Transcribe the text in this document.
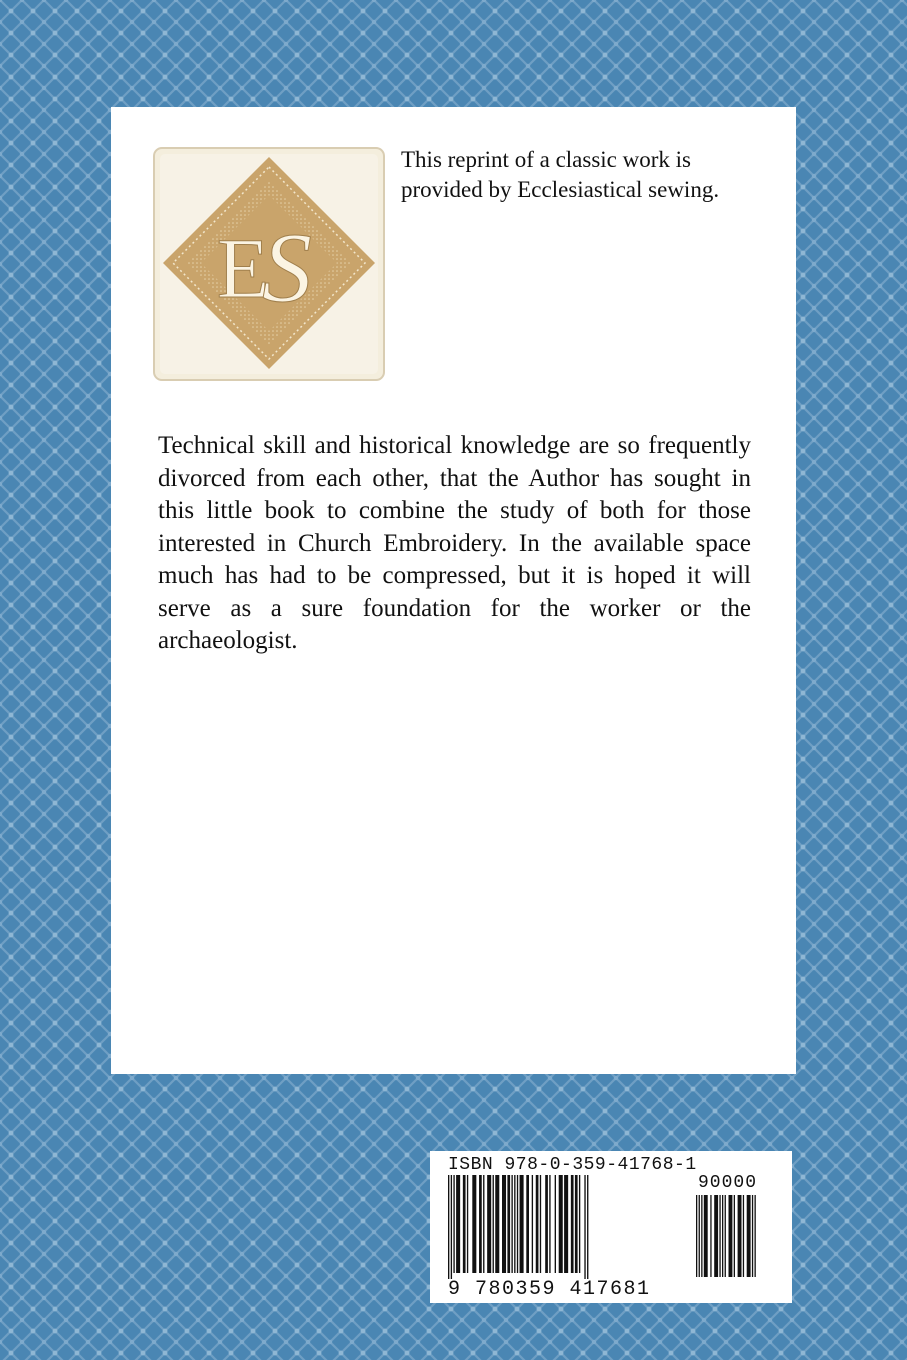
E
S
This reprint of a classic work is provided by Ecclesiastical sewing.
Technical skill and historical knowledge are so frequently divorced from each other, that the Author has sought in this little book to combine the study of both for those interested in Church Embroidery. In the available space much has had to be compressed, but it is hoped it will serve as a sure foundation for the worker or the archaeologist.
ISBN 978-0-359-41768-1
9 780359 417681
90000
